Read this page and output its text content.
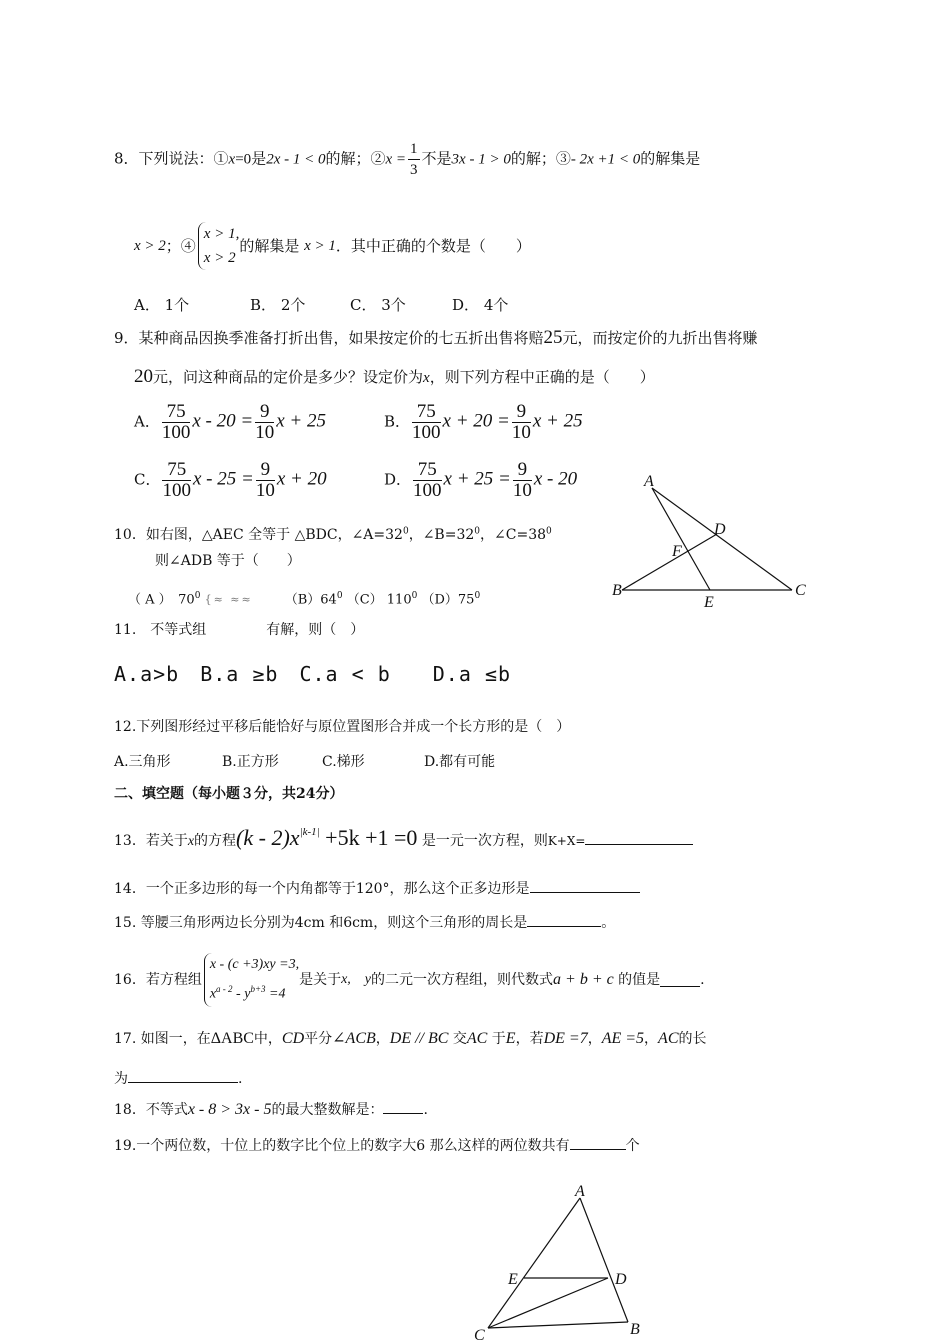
8．下列说法：①x=0是2x - 1 < 0的解；②x = $\frac{1}{3}$ 不是3x - 1 > 0的解；③- 2x +1 < 0的解集是
x > 2；④
x > 1,
x > 2
的解集是 x > 1．其中正确的个数是（　　）
A． 1个	B． 2个	C． 3个	D． 4个
9．某种商品因换季准备打折出售，如果按定价的七五折出售将赔25元，而按定价的九折出售将赚
20元，问这种商品的定价是多少？设定价为x，则下列方程中正确的是（　　）
A． $\frac{75}{100}$ $x - 20 = \frac{9}{10}$ x + 25	B． $\frac{75}{100}$ $x + 20 = \frac{9}{10}$ x + 25
C． $\frac{75}{100}$ $x - 25 = \frac{9}{10}$ x + 20	D． $\frac{75}{100}$ $x + 25 = \frac{9}{10}$ x - 20
10．如右图，△AEC 全等于 △BDC，$\angle A=32^0$，$\angle B=32^0$，$\angle C=38^0$
则∠ADB 等于（　　）
（ A ）　$70^0$ {≈ ≈≈ $(B)64^0$ （C） $110^0$ $(D)75^0$
A
B	C
D
E
F
11.　不等式组	有解，则（　）
A.a>b　B.a ≥b　C.a < b　　D.a ≤b
12.下列图形经过平移后能恰好与原位置图形合并成一个长方形的是（　）
A.三角形	B.正方形	C.梯形	D.都有可能
二、填空题（每小题３分，共24分）
13．若关于x的方程$(k - 2)x^{|k-1|} +5k +1 =0$ 是一元一次方程，则K+X=
14．一个正多边形的每一个内角都等于120°，那么这个正多边形是
15. 等腰三角形两边长分别为4cm 和6cm，则这个三角形的周长是	。
16．若方程组
x - (c +3)xy =3,
$x^{a - 2} - y^{b+3} =4$
是关于x,　y的二元一次方程组，则代数式a + b + c 的值是	.
17. 如图一，在ΔABC中，CD平分∠ACB，DE // BC 交AC 于E，若DE =7，AE =5，AC的长
为	.
18．不等式x - 8 > 3x - 5的最大整数解是：	.
19.一个两位数，十位上的数字比个位上的数字大6 那么这样的两位数共有	个
A
E	D
C	B
